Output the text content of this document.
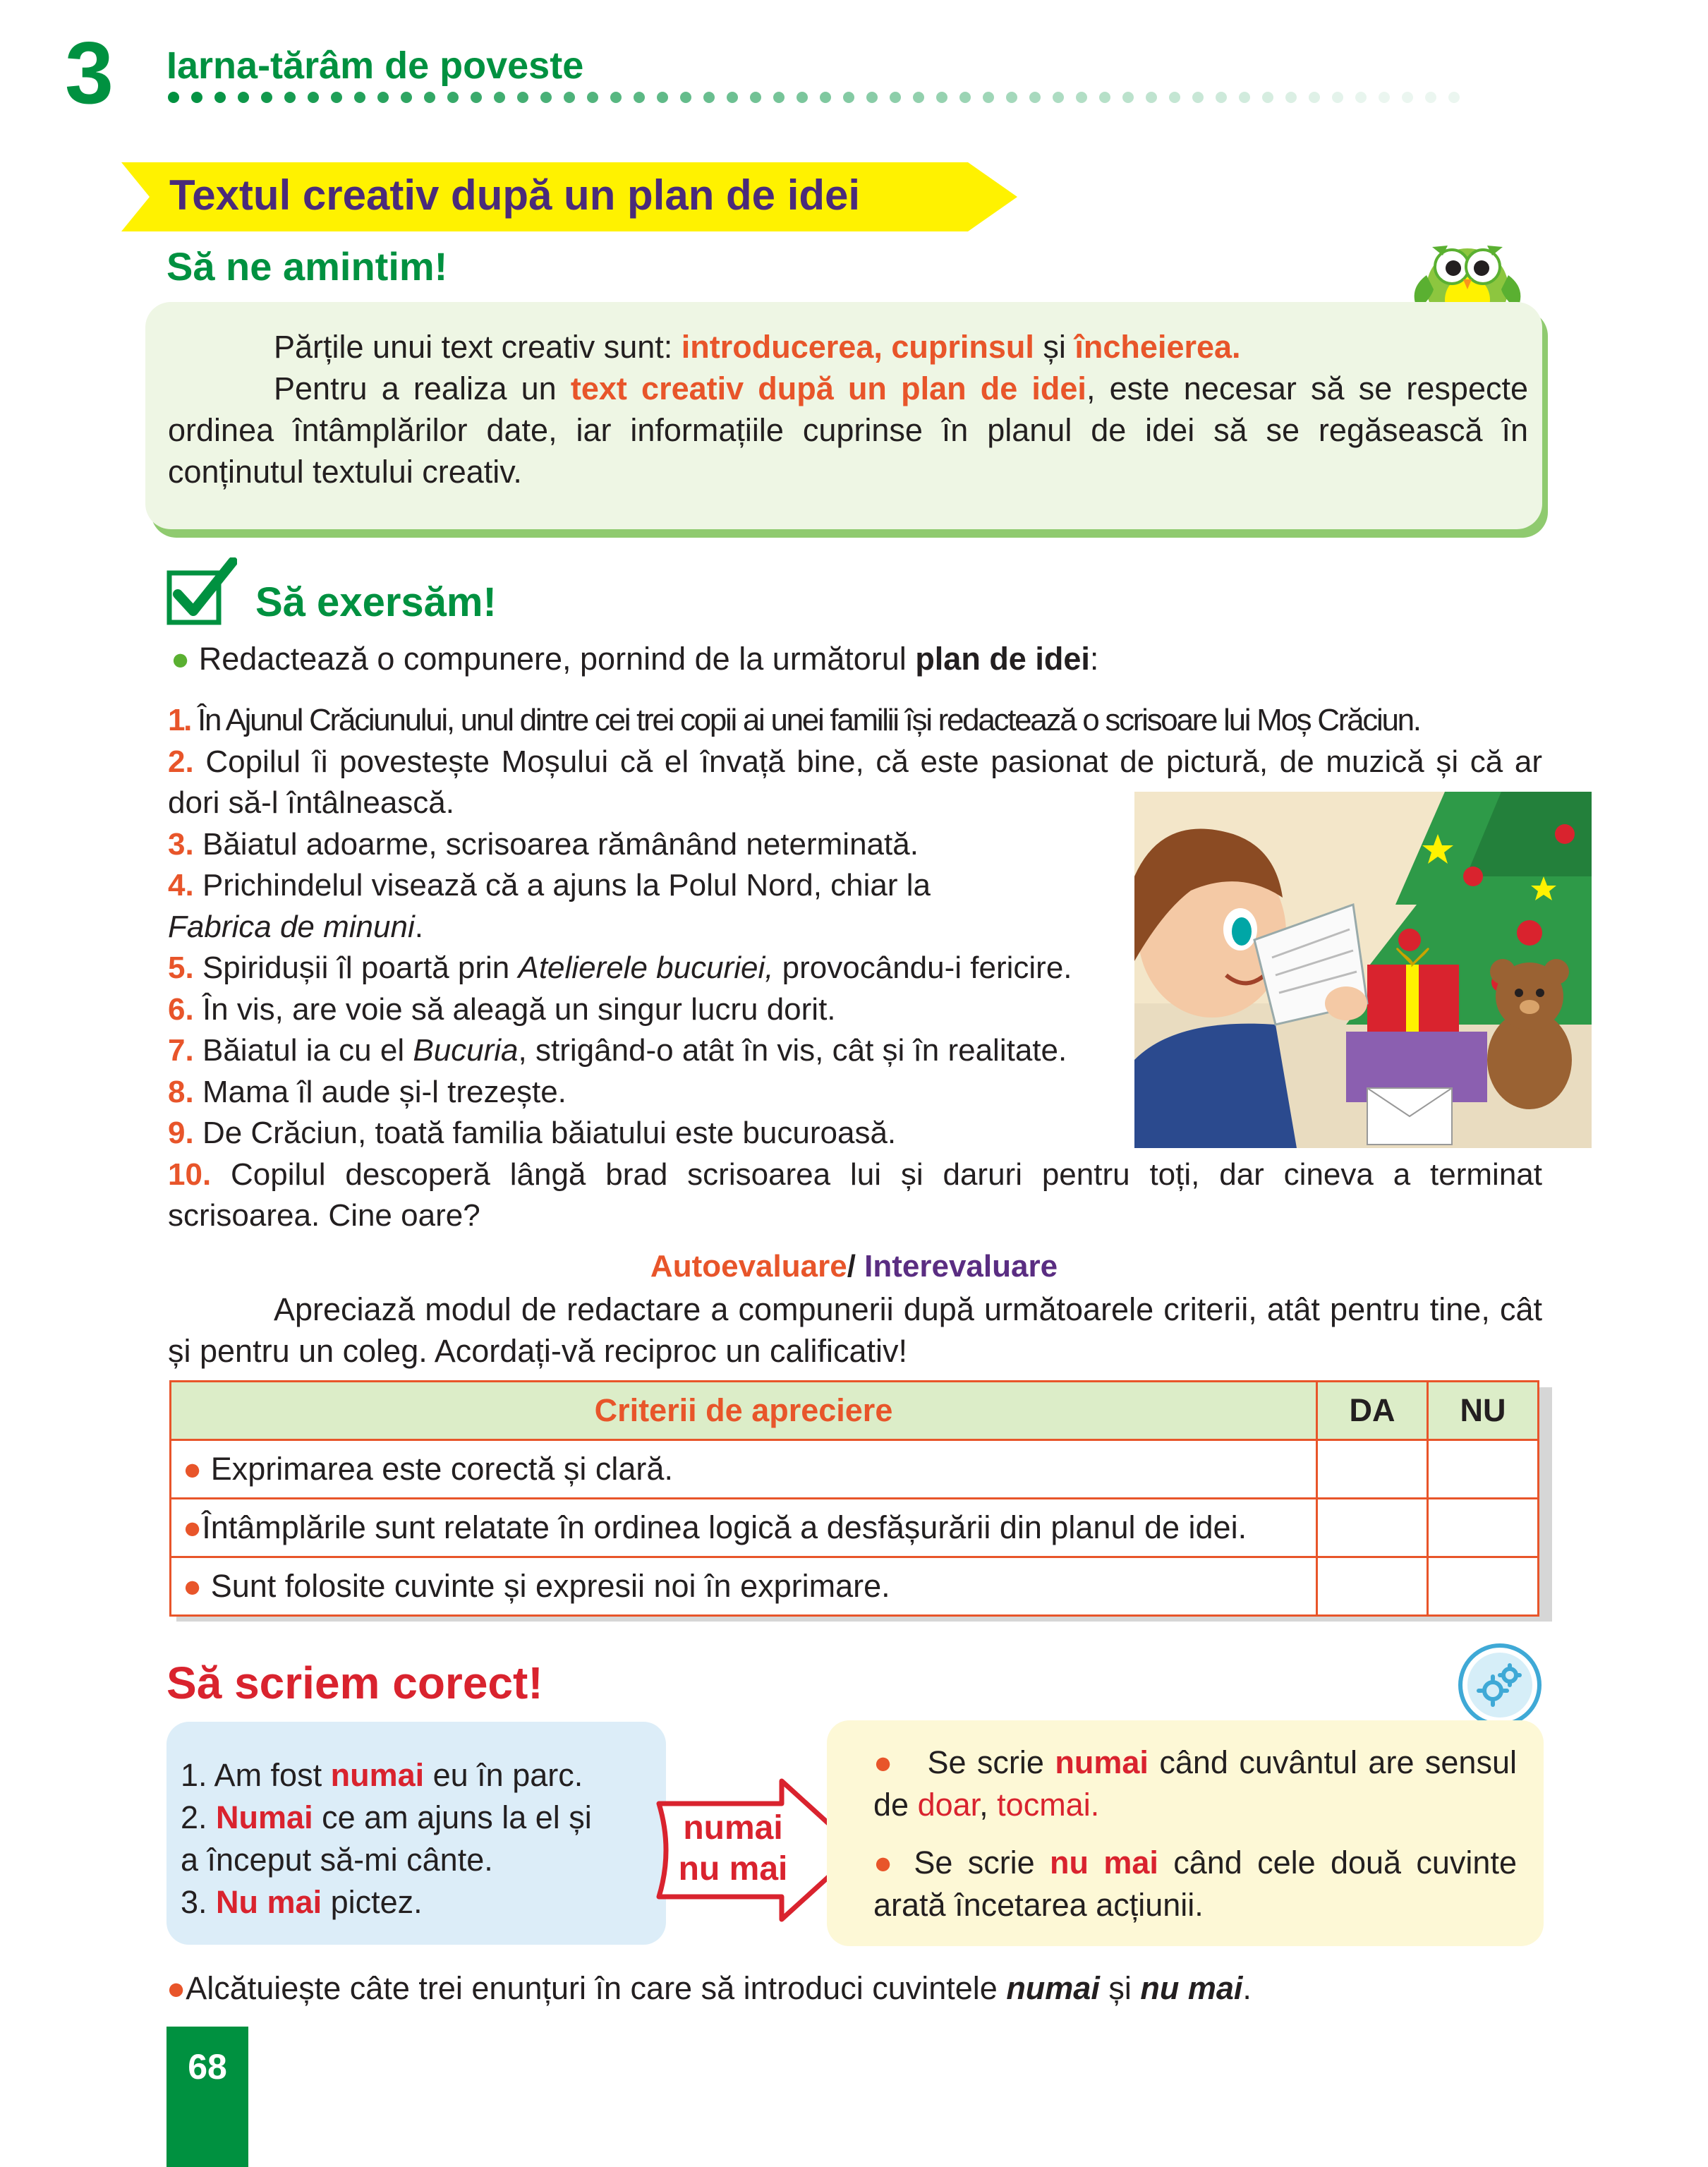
3 Iarna-tărâm de poveste
Textul creativ după un plan de idei
Să ne amintim!

Părțile unui text creativ sunt: introducerea, cuprinsul și încheierea.

Pentru a realiza un text creativ după un plan de idei, este necesar să se respecte ordinea întâmplărilor date, iar informațiile cuprinse în planul de idei să se regăsească în conținutul textului creativ.

Să exersăm!
● Redactează o compunere, pornind de la următorul plan de idei:
1. În Ajunul Crăciunului, unul dintre cei trei copii ai unei familii își redactează o scrisoare lui Moș Crăciun.
2. Copilul îi povestește Moșului că el învață bine, că este pasionat de pictură, de muzică și că ar dori să-l întâlnească.
3. Băiatul adoarme, scrisoarea rămânând neterminată.
4. Prichindelul visează că a ajuns la Polul Nord, chiar la
Fabrica de minuni.
5. Spiridușii îl poartă prin Atelierele bucuriei, provocându-i fericire.
6. În vis, are voie să aleagă un singur lucru dorit.
7. Băiatul ia cu el Bucuria, strigând-o atât în vis, cât și în realitate.
8. Mama îl aude și-l trezește.
9. De Crăciun, toată familia băiatului este bucuroasă.
10. Copilul descoperă lângă brad scrisoarea lui și daruri pentru toți, dar cineva a terminat scrisoarea. Cine oare?
Autoevaluare/ Interevaluare

Apreciază modul de redactare a compunerii după următoarele criterii, atât pentru tine, cât și pentru un coleg. Acordați-vă reciproc un calificativ!

Criterii de apreciere	DA	NU
● Exprimarea este corectă și clară.		
●Întâmplările sunt relatate în ordinea logică a desfășurării din planul de idei.		
● Sunt folosite cuvinte și expresii noi în exprimare.		
Să scriem corect!

1. Am fost numai eu în parc.

2. Numai ce am ajuns la el și

a început să-mi cânte.

3. Nu mai pictez.

numai
nu mai

● Se scrie numai când cuvântul are sensul de doar, tocmai.

● Se scrie nu mai când cele două cuvinte arată încetarea acțiunii.

●Alcătuiește câte trei enunțuri în care să introduci cuvintele numai și nu mai.
68
